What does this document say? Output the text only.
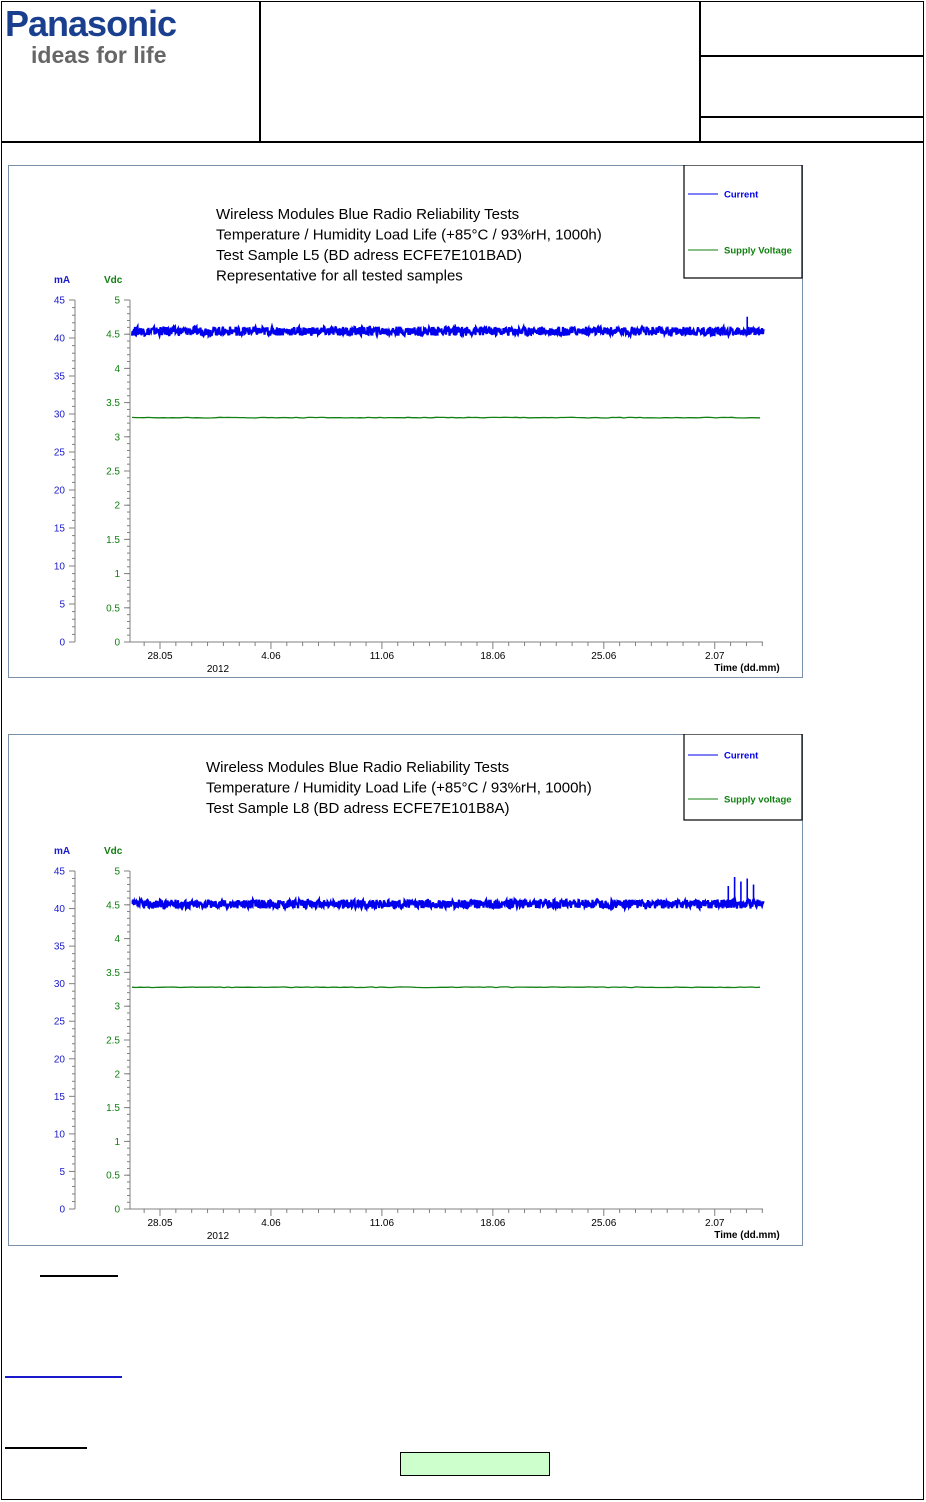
Panasonic
ideas for life
Wireless Modules Blue Radio Reliability Tests
Temperature / Humidity Load Life (+85°C / 93%rH, 1000h)
Test Sample L5 (BD adress ECFE7E101BAD)
Representative for all tested samples
Current
Supply Voltage
mA	Vdc
0
5
10
15
20
25
30
35
40
45
0
0.5
1
1.5
2
2.5
3
3.5
4
4.5
5
28.05	4.06	11.06	18.06	25.06	2.07
2012	Time (dd.mm)
Wireless Modules Blue Radio Reliability Tests
Temperature / Humidity Load Life (+85°C / 93%rH, 1000h)
Test Sample L8 (BD adress ECFE7E101B8A)
Current
Supply voltage
mA	Vdc
0
5
10
15
20
25
30
35
40
45
0
0.5
1
1.5
2
2.5
3
3.5
4
4.5
5
28.05	4.06	11.06	18.06	25.06	2.07
2012	Time (dd.mm)
